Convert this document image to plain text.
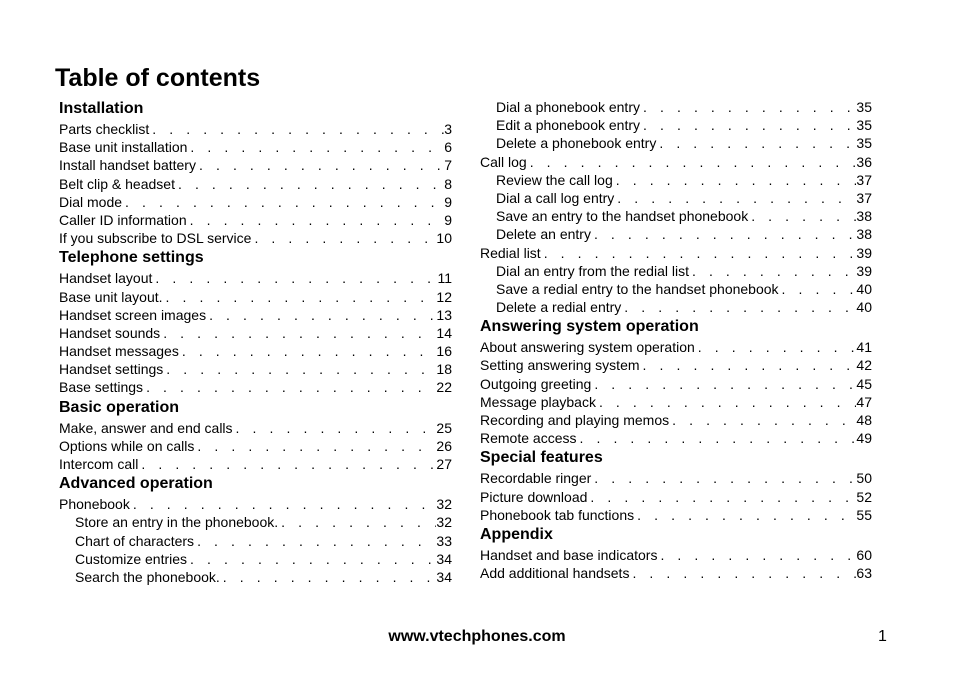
Table of contents
Installation
Parts checklist . . .	3
Base unit installation . . .	6
Install handset battery . . .	7
Belt clip & headset . . .	8
Dial mode . . .	9
Caller ID information . . .	9
If you subscribe to DSL service . . .	10
Telephone settings
Handset layout . . .	11
Base unit layout. . . .	12
Handset screen images . . .	13
Handset sounds . . .	14
Handset messages . . .	16
Handset settings . . .	18
Base settings . . .	22
Basic operation
Make, answer and end calls . . .	25
Options while on calls . . .	26
Intercom call . . .	27
Advanced operation
Phonebook . . .	32
Store an entry in the phonebook. . . .	32
Chart of characters . . .	33
Customize entries . . .	34
Search the phonebook. . . .	34
Dial a phonebook entry . . .	35
Edit a phonebook entry . . .	35
Delete a phonebook entry . . .	35
Call log . . .	36
Review the call log . . .	37
Dial a call log entry . . .	37
Save an entry to the handset phonebook . . .	38
Delete an entry . . .	38
Redial list . . .	39
Dial an entry from the redial list . . .	39
Save a redial entry to the handset phonebook . . .	40
Delete a redial entry . . .	40
Answering system operation
About answering system operation . . .	41
Setting answering system . . .	42
Outgoing greeting . . .	45
Message playback . . .	47
Recording and playing memos . . .	48
Remote access . . .	49
Special features
Recordable ringer . . .	50
Picture download . . .	52
Phonebook tab functions . . .	55
Appendix
Handset and base indicators . . .	60
Add additional handsets . . .	63
www.vtechphones.com	1
